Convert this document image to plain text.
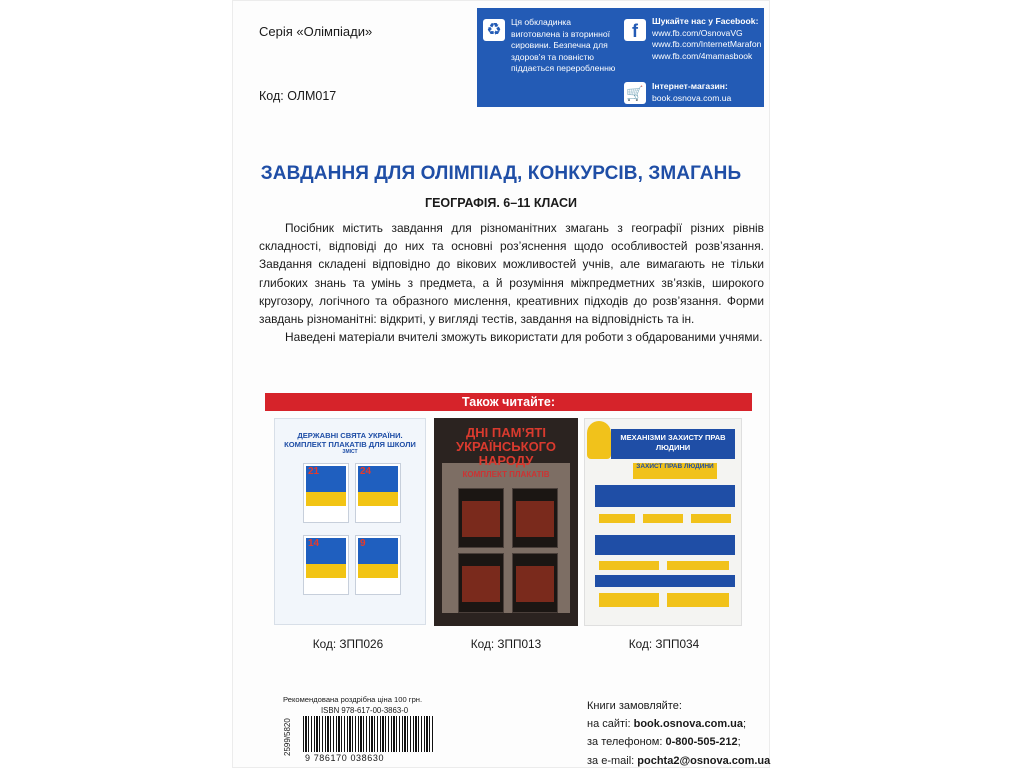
Серія «Олімпіади»
Код: ОЛМ017
♻	Ця обкладинка виготовлена із вторинної сировини. Безпечна для здоров’я та повністю піддається переробленню
f	Шукайте нас у Facebook:
www.fb.com/OsnovaVG
www.fb.com/InternetMarafon
www.fb.com/4mamasbook
🛒 Інтернет-магазин:
book.osnova.com.ua
ЗАВДАННЯ ДЛЯ ОЛІМПІАД, КОНКУРСІВ, ЗМАГАНЬ
ГЕОГРАФІЯ. 6–11 КЛАСИ

Посібник містить завдання для різноманітних змагань з географії різних рівнів складності, відповіді до них та основні роз’яснення щодо особливостей розв’язання. Завдання складені відповідно до вікових можливостей учнів, але вимагають не тільки глибоких знань та умінь з предмета, а й розуміння міжпредметних зв’язків, широкого кругозору, логічного та образного мислення, креативних підходів до розв’язання. Форми завдань різноманітні: відкриті, у вигляді тестів, завдання на відповідність та ін.

Наведені матеріали вчителі зможуть використати для роботи з обдарованими учнями.

Також читайте:
ДЕРЖАВНІ СВЯТА УКРАЇНИ. КОМПЛЕКТ ПЛАКАТІВ ДЛЯ ШКОЛИ
ЗМІСТ
21	24
14	9
Код: ЗПП026
ДНІ ПАМ’ЯТІ УКРАЇНСЬКОГО НАРОДУ
КОМПЛЕКТ ПЛАКАТІВ
Код: ЗПП013
МЕХАНІЗМИ ЗАХИСТУ ПРАВ ЛЮДИНИ
ЗАХИСТ ПРАВ ЛЮДИНИ
Код: ЗПП034
Рекомендована роздрібна ціна 100 грн.
2599/5820
ISBN 978-617-00-3863-0
9 786170 038630
Книги замовляйте:
на сайті: book.osnova.com.ua;
за телефоном: 0-800-505-212;
за e-mail: pochta2@osnova.com.ua
